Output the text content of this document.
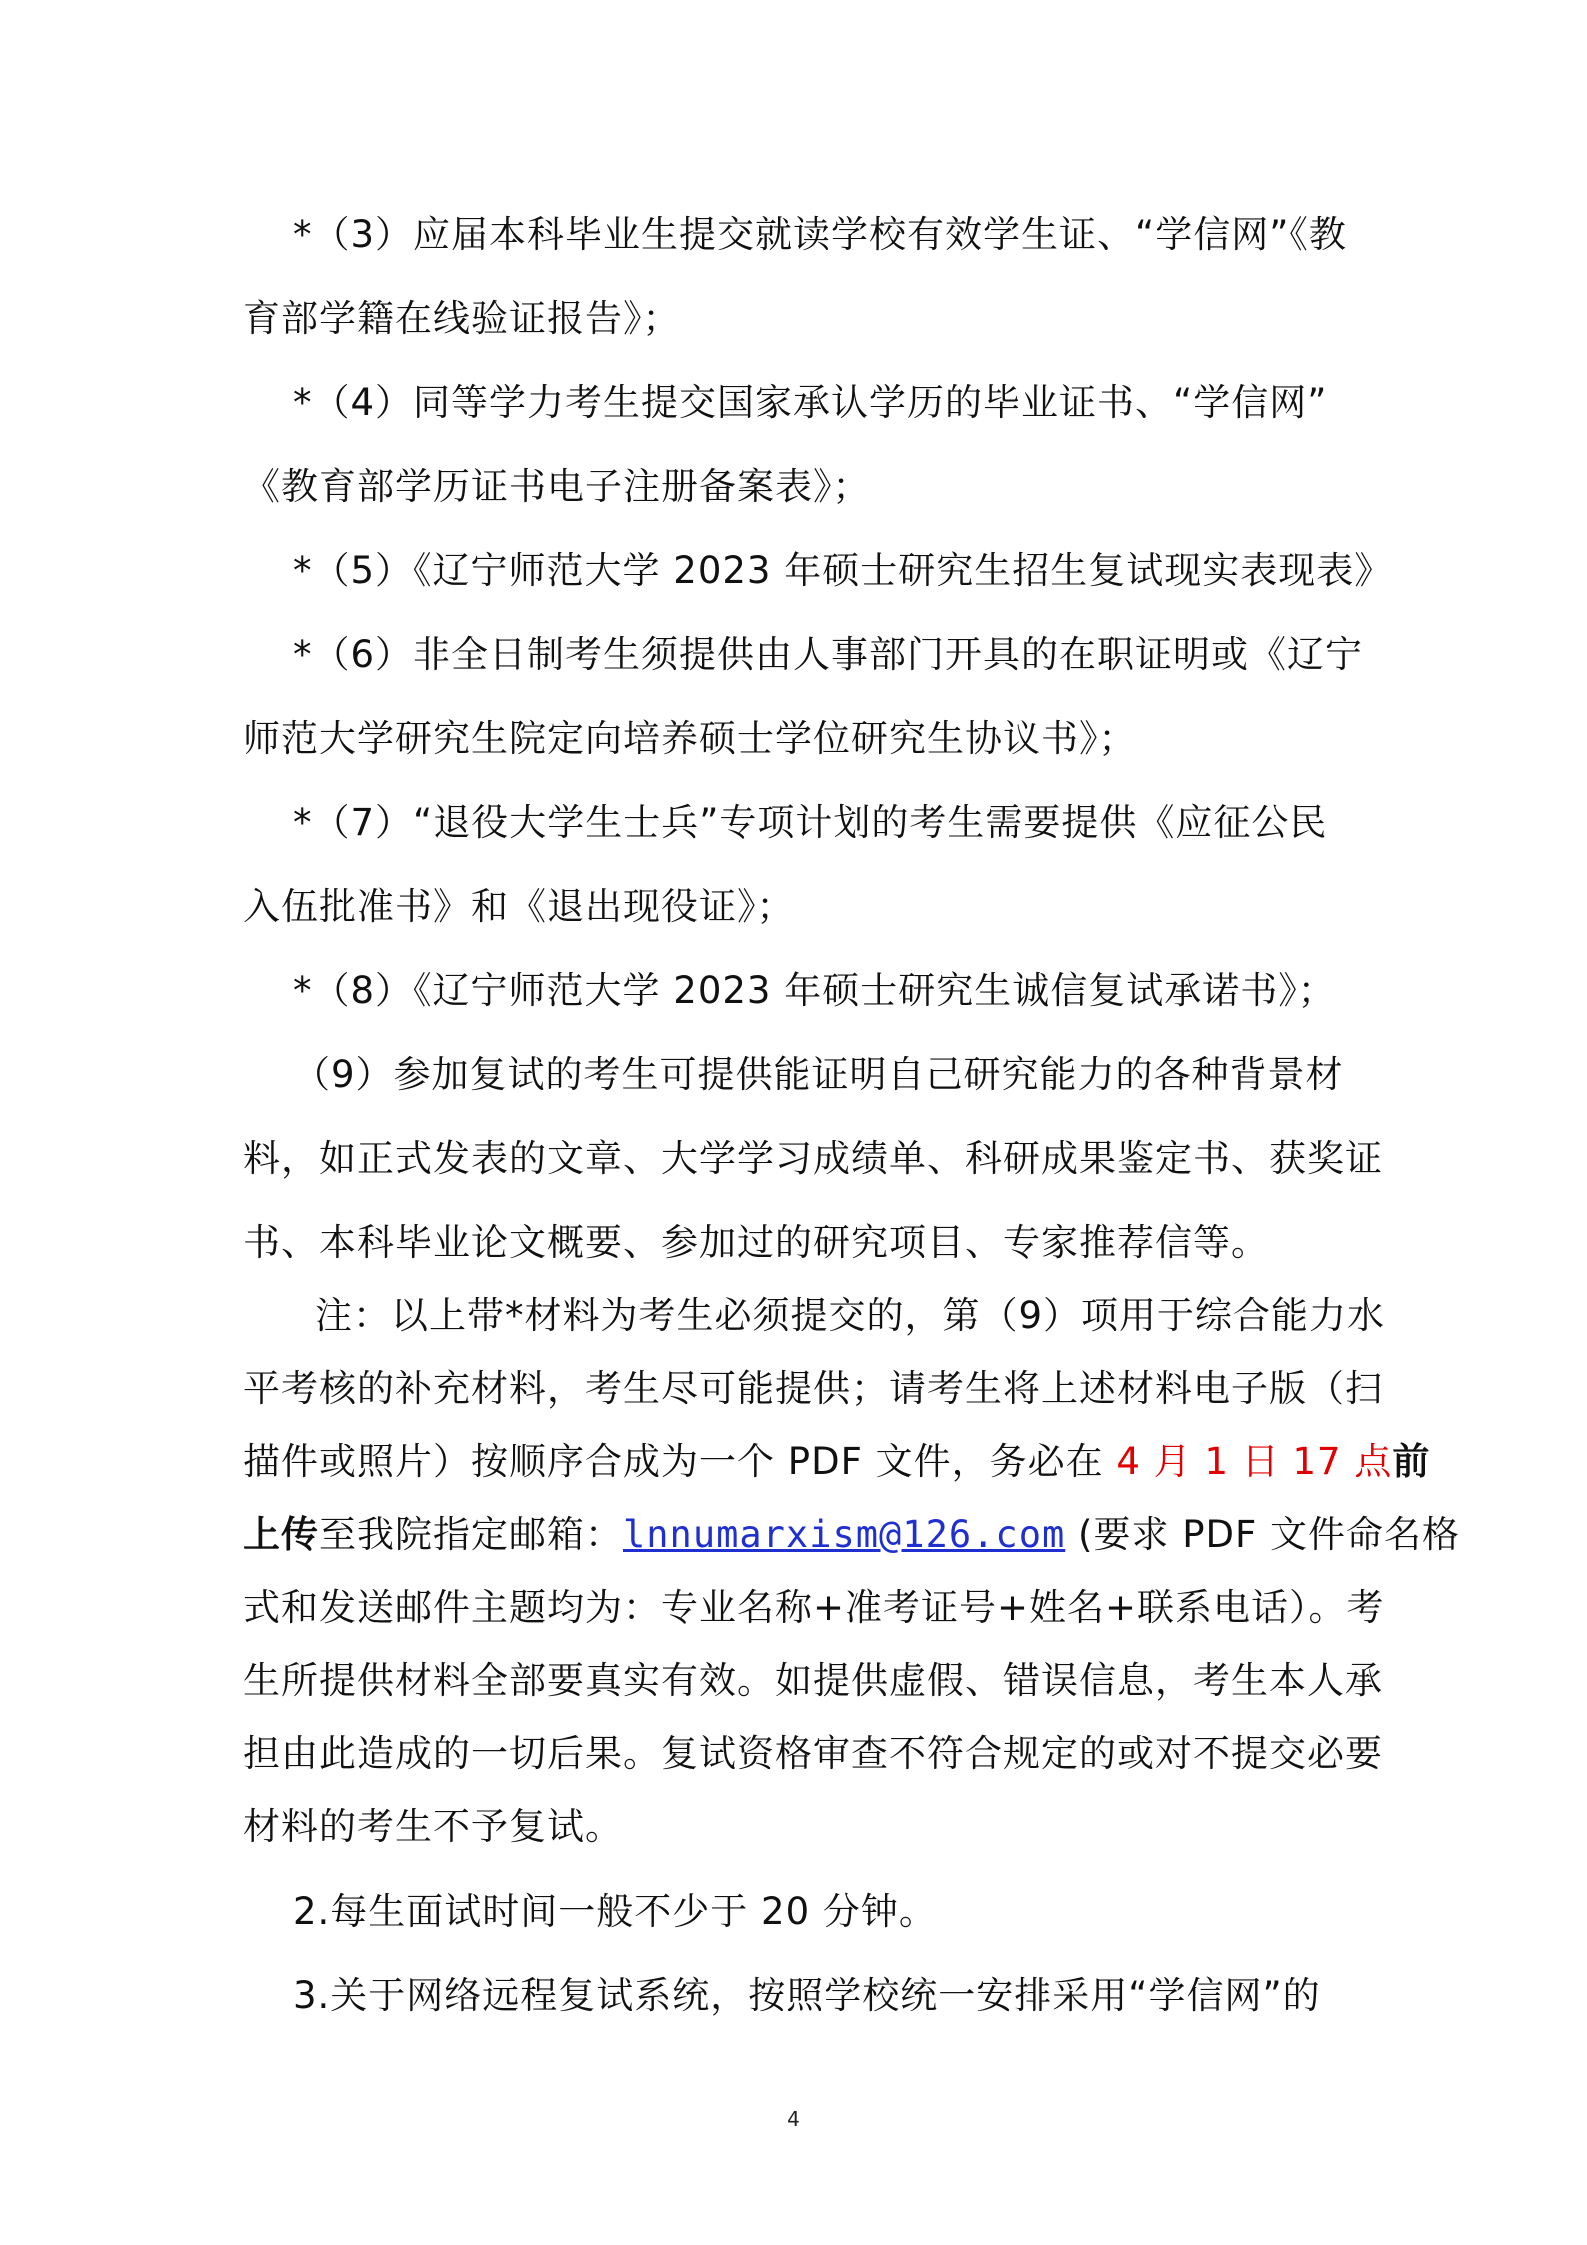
*（3）应届本科毕业生提交就读学校有效学生证、“学信网”《教
育部学籍在线验证报告》；
*（4）同等学力考生提交国家承认学历的毕业证书、“学信网”
《教育部学历证书电子注册备案表》；
*（5）《辽宁师范大学 2023 年硕士研究生招生复试现实表现表》
*（6）非全日制考生须提供由人事部门开具的在职证明或《辽宁
师范大学研究生院定向培养硕士学位研究生协议书》；
*（7）“退役大学生士兵”专项计划的考生需要提供《应征公民
入伍批准书》和《退出现役证》；
*（8）《辽宁师范大学 2023 年硕士研究生诚信复试承诺书》；
（9）参加复试的考生可提供能证明自己研究能力的各种背景材
料，如正式发表的文章、大学学习成绩单、科研成果鉴定书、获奖证
书、本科毕业论文概要、参加过的研究项目、专家推荐信等。
注：以上带*材料为考生必须提交的，第（9）项用于综合能力水
平考核的补充材料，考生尽可能提供；请考生将上述材料电子版（扫
描件或照片）按顺序合成为一个 PDF 文件，务必在 4 月 1 日 17 点前
上传至我院指定邮箱：lnnumarxism@126.com (要求 PDF 文件命名格
式和发送邮件主题均为：专业名称+准考证号+姓名+联系电话）。考
生所提供材料全部要真实有效。如提供虚假、错误信息，考生本人承
担由此造成的一切后果。复试资格审查不符合规定的或对不提交必要
材料的考生不予复试。
2.每生面试时间一般不少于 20 分钟。
3.关于网络远程复试系统，按照学校统一安排采用“学信网”的
4
